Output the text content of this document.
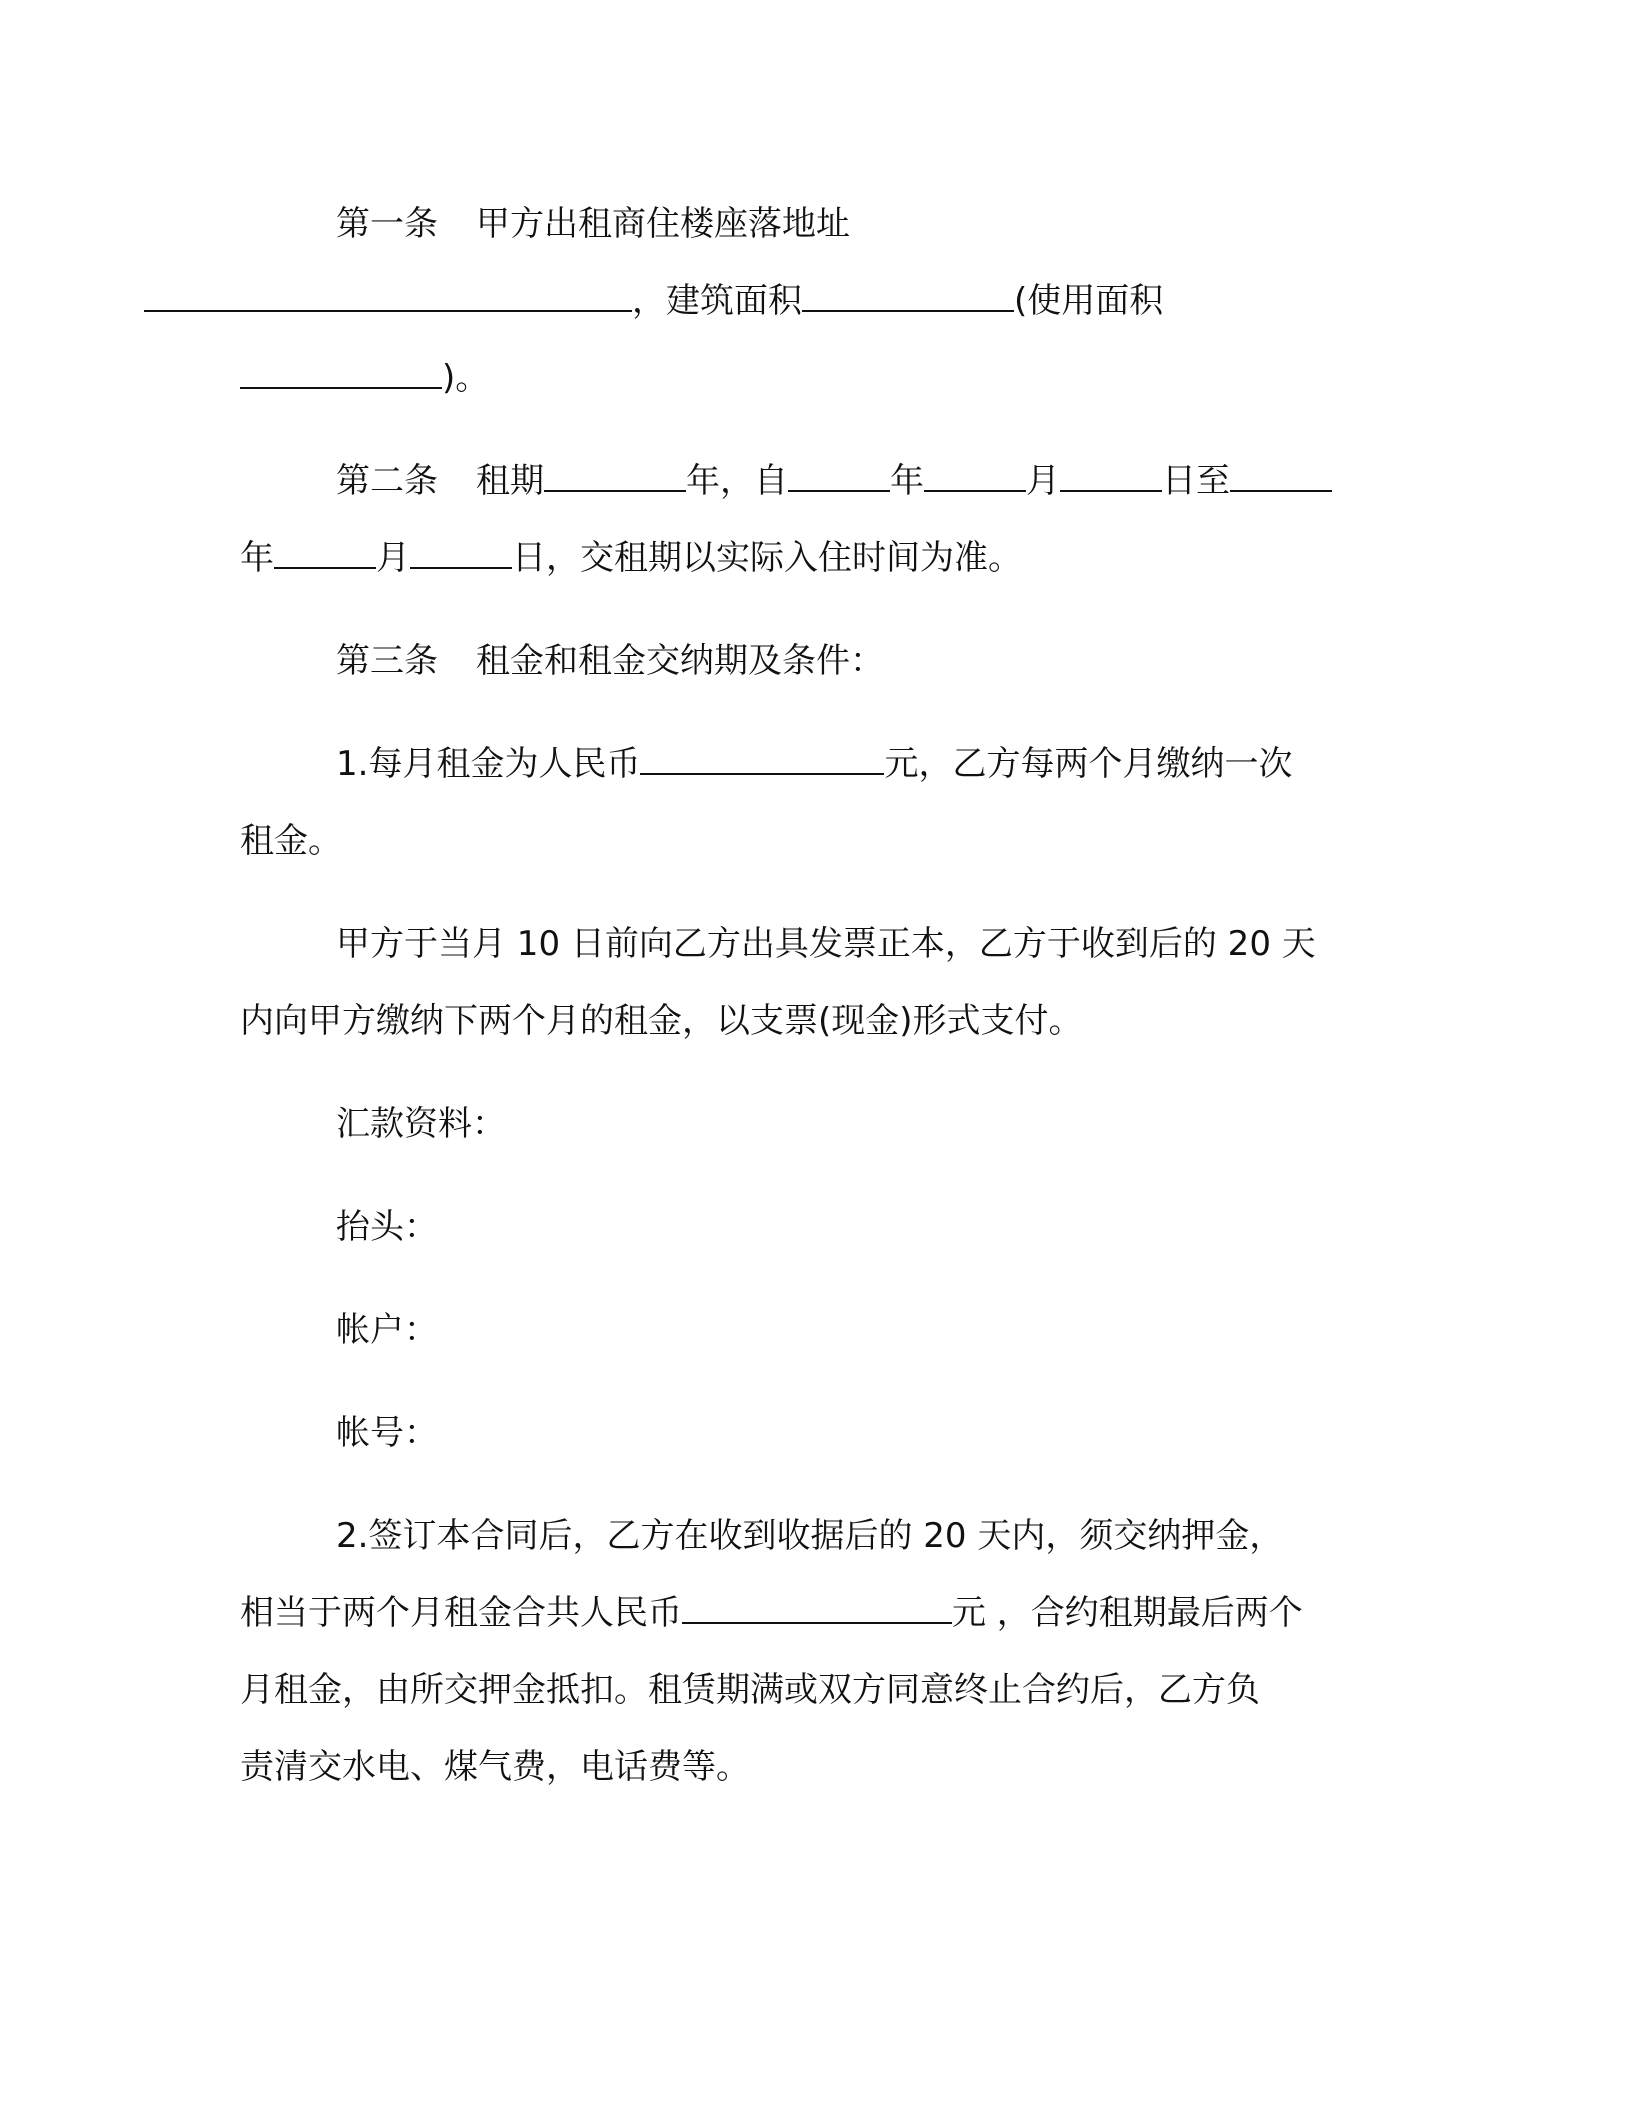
第一条 甲方出租商住楼座落地址
，建筑面积	(使用面积
)。
第二条 租期	年，自	年	月	日至
年	月	日，交租期以实际入住时间为准。
第三条 租金和租金交纳期及条件：
1.每月租金为人民币	元，乙方每两个月缴纳一次
租金。
甲方于当月 10 日前向乙方出具发票正本，乙方于收到后的 20 天
内向甲方缴纳下两个月的租金，以支票(现金)形式支付。
汇款资料：
抬头：
帐户：
帐号：
2.签订本合同后，乙方在收到收据后的 20 天内，须交纳押金，
相当于两个月租金合共人民币	元 ，合约租期最后两个
月租金，由所交押金抵扣。租赁期满或双方同意终止合约后，乙方负
责清交水电、煤气费，电话费等。
